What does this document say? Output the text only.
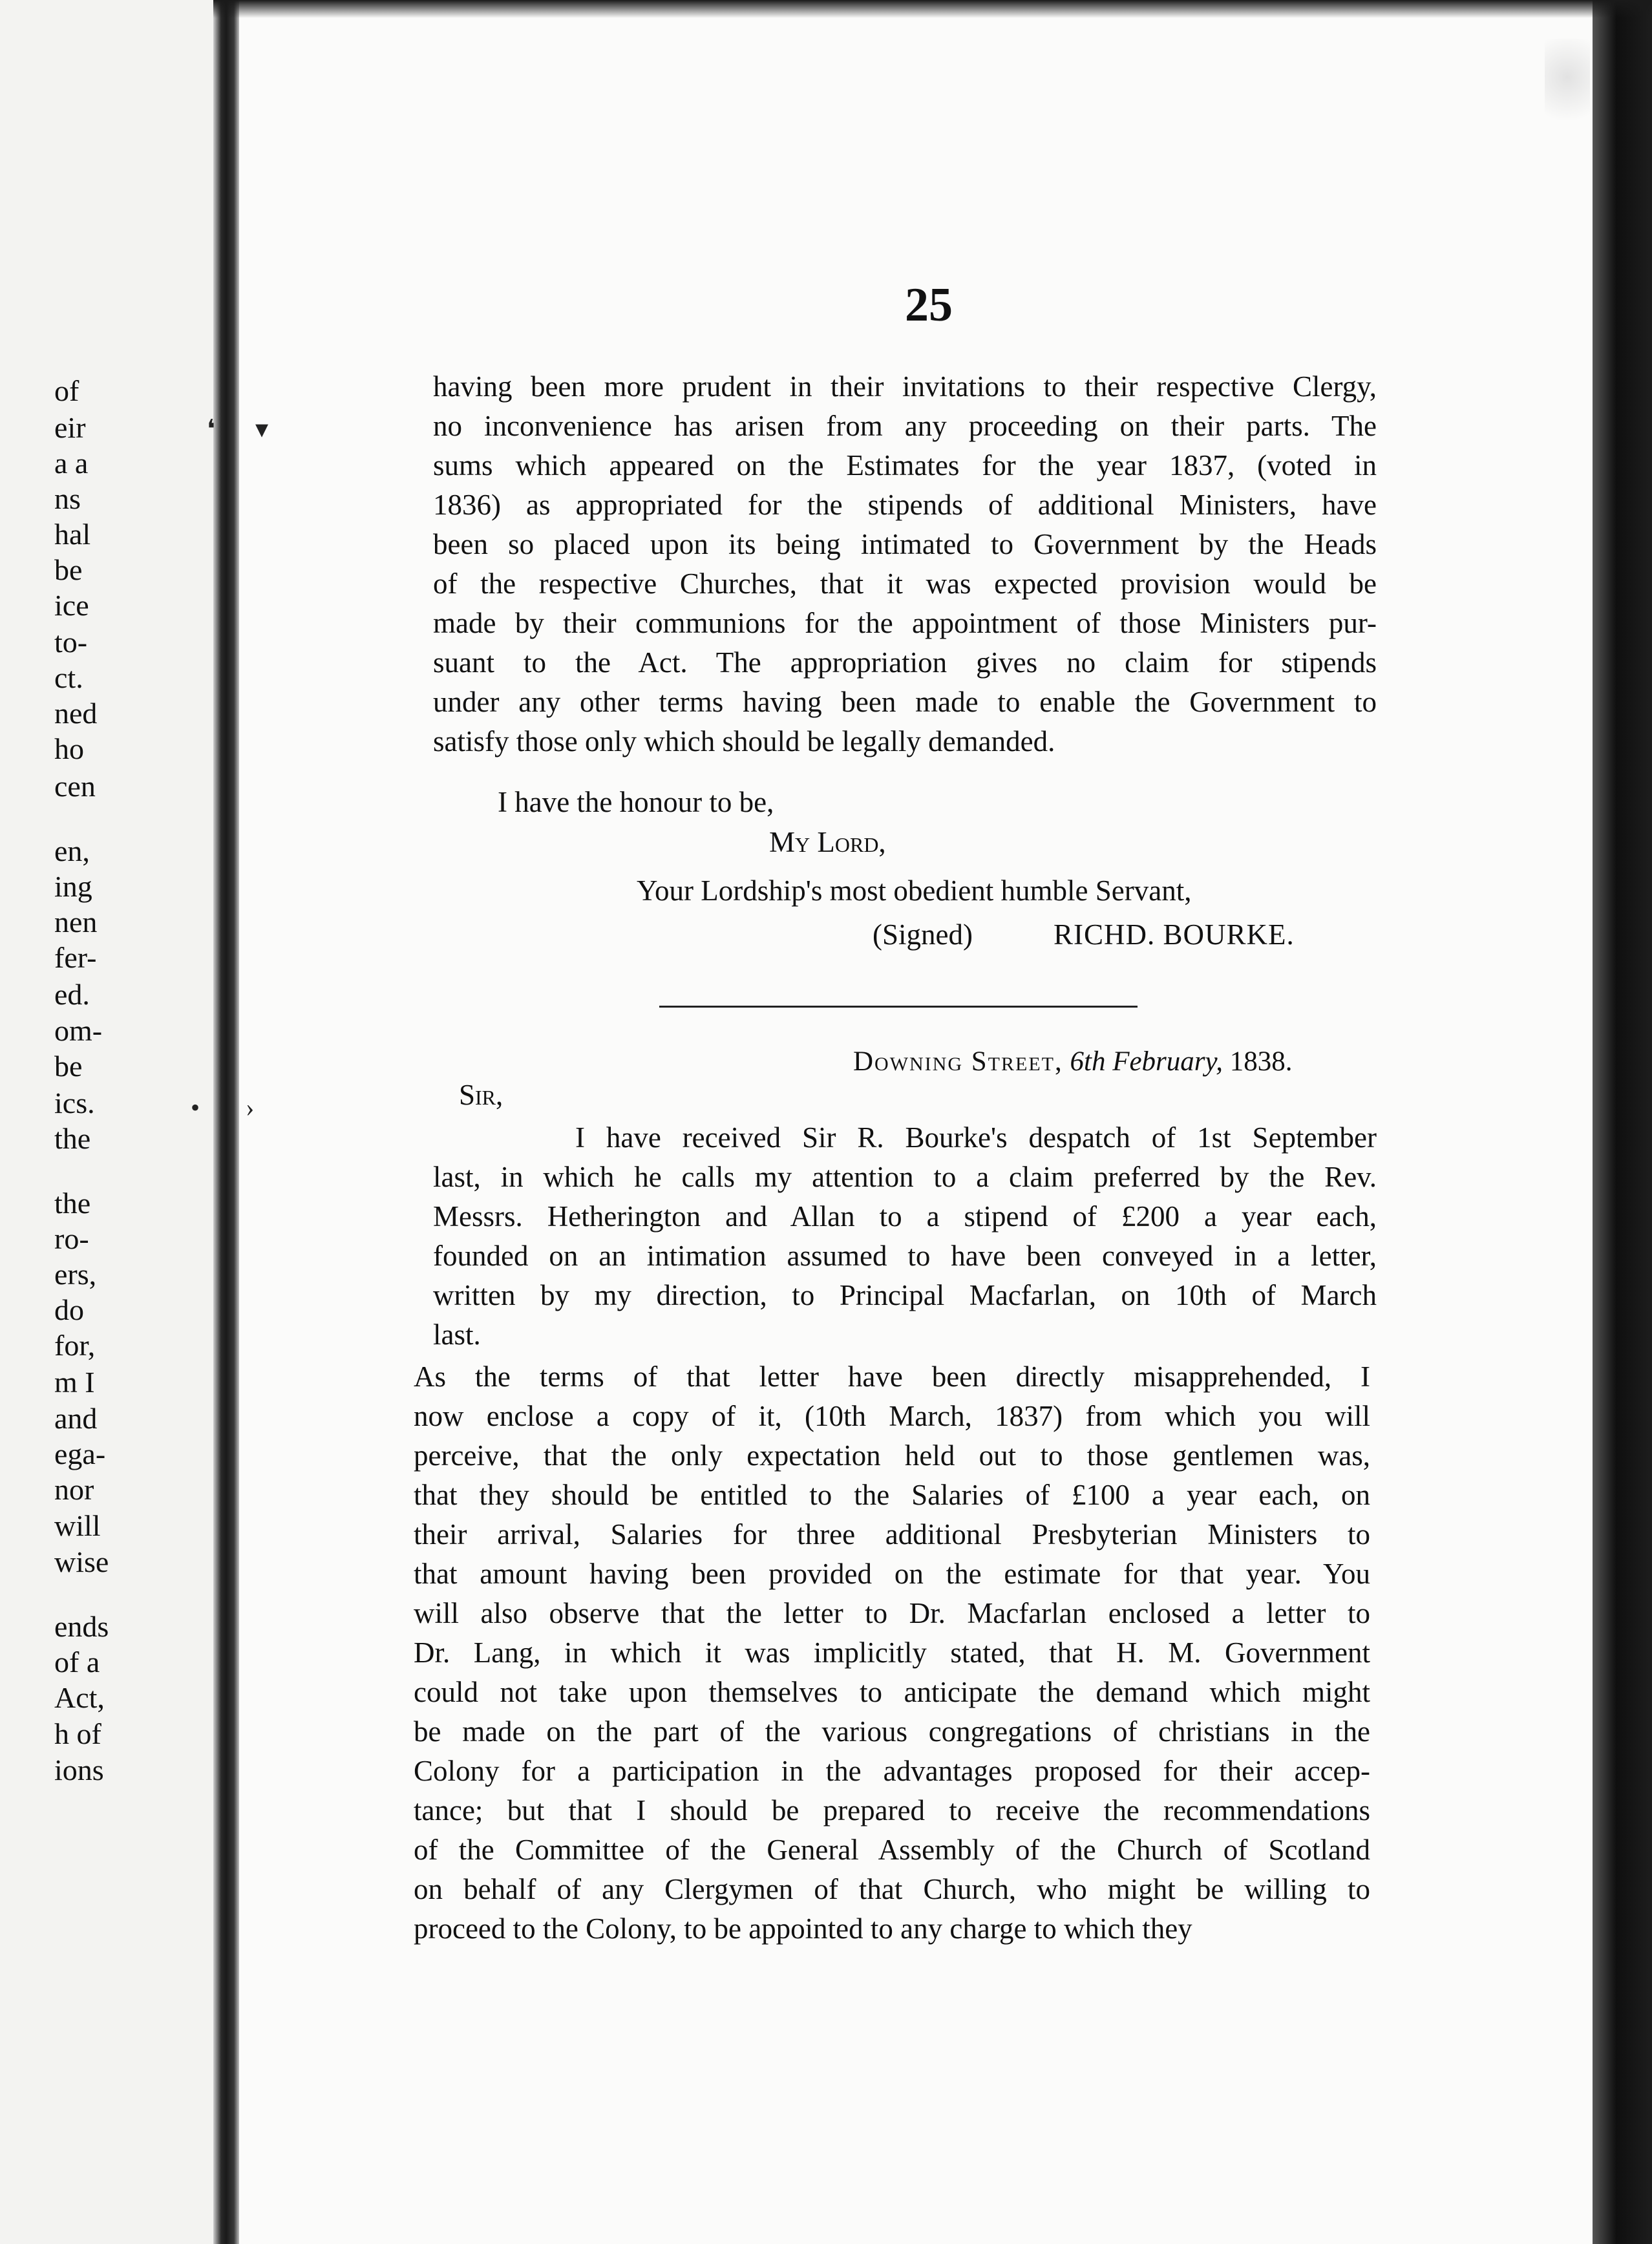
of
eir
a a
ns
hal
be
ice
to-
ct.
ned
ho
cen
en,
ing
nen
fer-
ed.
om-
be
ics.
the
the
ro-
ers,
do
for,
m I
and
ega-
nor
will
wise
ends
of a
Act,
h of
ions
❛ ▾
• ›
25
having been more prudent in their invitations to their respective Clergy,
no inconvenience has arisen from any proceeding on their parts. The
sums which appeared on the Estimates for the year 1837, (voted in
1836) as appropriated for the stipends of additional Ministers, have
been so placed upon its being intimated to Government by the Heads
of the respective Churches, that it was expected provision would be
made by their communions for the appointment of those Ministers pur-
suant to the Act. The appropriation gives no claim for stipends
under any other terms having been made to enable the Government to
satisfy those only which should be legally demanded.
I have the honour to be,
My Lord,
Your Lordship's most obedient humble Servant,
(Signed)	RICHD. BOURKE.
Downing Street, 6th February, 1838.
Sir,
I have received Sir R. Bourke's despatch of 1st September
last, in which he calls my attention to a claim preferred by the Rev.
Messrs. Hetherington and Allan to a stipend of £200 a year each,
founded on an intimation assumed to have been conveyed in a letter,
written by my direction, to Principal Macfarlan, on 10th of March
last.
As the terms of that letter have been directly misapprehended, I
now enclose a copy of it, (10th March, 1837) from which you will
perceive, that the only expectation held out to those gentlemen was,
that they should be entitled to the Salaries of £100 a year each, on
their arrival, Salaries for three additional Presbyterian Ministers to
that amount having been provided on the estimate for that year. You
will also observe that the letter to Dr. Macfarlan enclosed a letter to
Dr. Lang, in which it was implicitly stated, that H. M. Government
could not take upon themselves to anticipate the demand which might
be made on the part of the various congregations of christians in the
Colony for a participation in the advantages proposed for their accep-
tance; but that I should be prepared to receive the recommendations
of the Committee of the General Assembly of the Church of Scotland
on behalf of any Clergymen of that Church, who might be willing to
proceed to the Colony, to be appointed to any charge to which they
